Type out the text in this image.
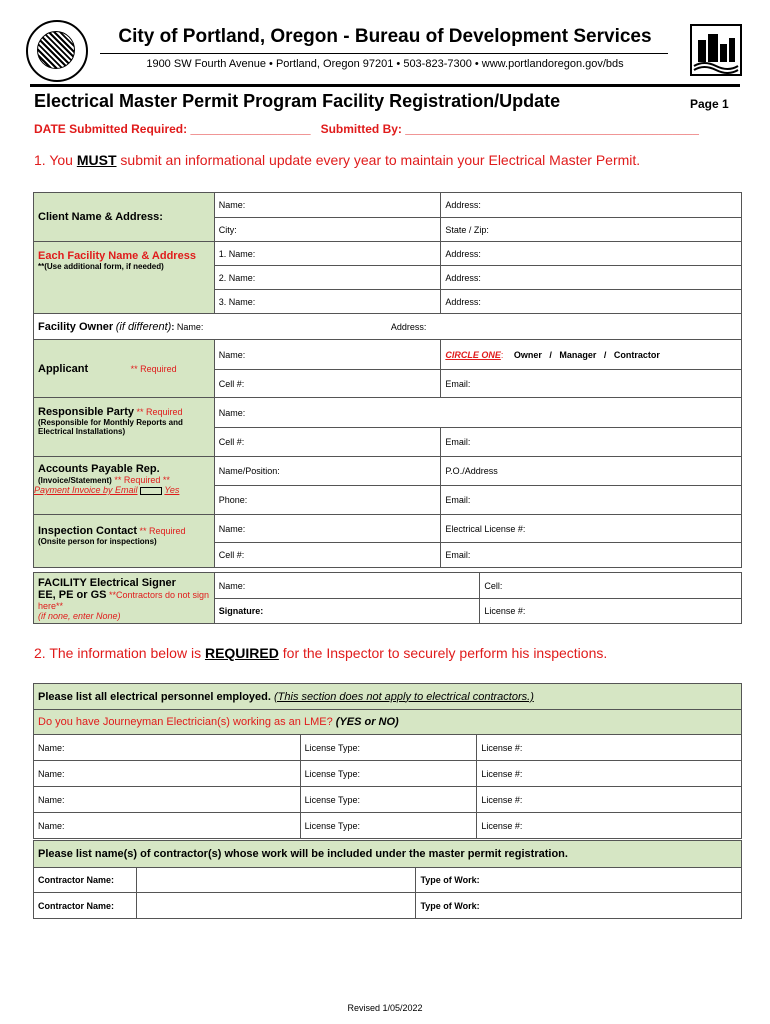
City of Portland, Oregon - Bureau of Development Services
1900 SW Fourth Avenue • Portland, Oregon 97201 • 503-823-7300 • www.portlandoregon.gov/bds
Electrical Master Permit Program Facility Registration/Update	Page 1
DATE Submitted Required: __________________   Submitted By: ____________________________________________
1. You MUST submit an informational update every year to maintain your Electrical Master Permit.
Client Name & Address:	Name:	Address:
	City:	State / Zip:

Each Facility Name & Address
**(Use additional form, if needed)	1. Name:	Address:
	2. Name:	Address:
	3. Name:	Address:
Facility Owner (if different): Name: Address:		
Applicant ** Required	Name:	CIRCLE ONE: Owner   /   Manager   /   Contractor
	Cell #:	Email:

Responsible Party ** Required
(Responsible for Monthly Reports and Electrical Installations)	Name:	
	Cell #:	Email:

Accounts Payable Rep.
(Invoice/Statement) ** Required **
Payment Invoice by Email Yes	Name/Position:	P.O./Address
	Phone:	Email:

Inspection Contact ** Required
(Onsite person for inspections)	Name:	Electrical License #:
	Cell #:	Email:
FACILITY Electrical Signer
EE, PE or GS **Contractors do not sign here**
(if none, enter None)	Name:	Cell:
	Signature:	License #:
2. The information below is REQUIRED for the Inspector to securely perform his inspections.
Please list all electrical personnel employed. (This section does not apply to electrical contractors.)		
Do you have Journeyman Electrician(s) working as an LME? (YES or NO)		
Name:	License Type:	License #:
Name:	License Type:	License #:
Name:	License Type:	License #:
Name:	License Type:	License #:
Please list name(s) of contractor(s) whose work will be included under the master permit registration.		
Contractor Name:		Type of Work:
Contractor Name:		Type of Work:
Revised 1/05/2022
